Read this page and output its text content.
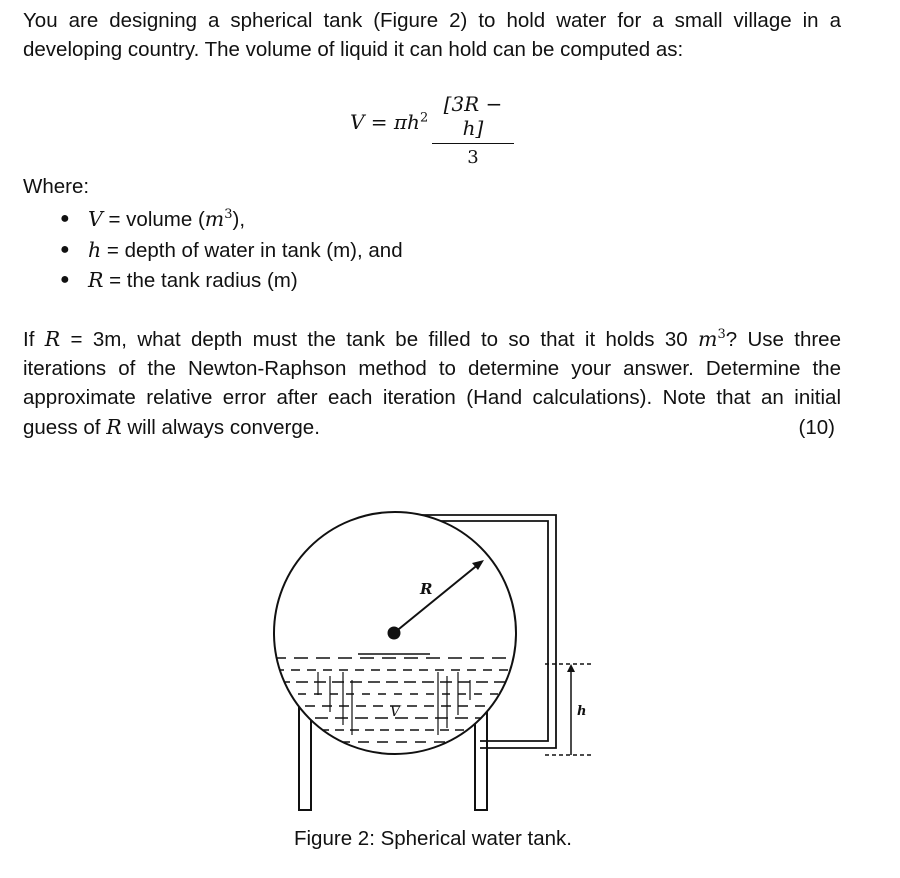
You are designing a spherical tank (Figure 2) to hold water for a small village in a developing country. The volume of liquid it can hold can be computed as:
$V = \pi h^2$
[3R − h]
3
Where:
● V = volume $(m^3)$,
● h = depth of water in tank (m), and
● R = the tank radius (m)
If R = 3m, what depth must the tank be filled to so that it holds 30 $m^3$? Use three iterations of the Newton-Raphson method to determine your answer. Determine the approximate relative error after each iteration (Hand calculations). Note that an initial guess of R will always converge.	(10)
R
V	h
Figure 2: Spherical water tank.
